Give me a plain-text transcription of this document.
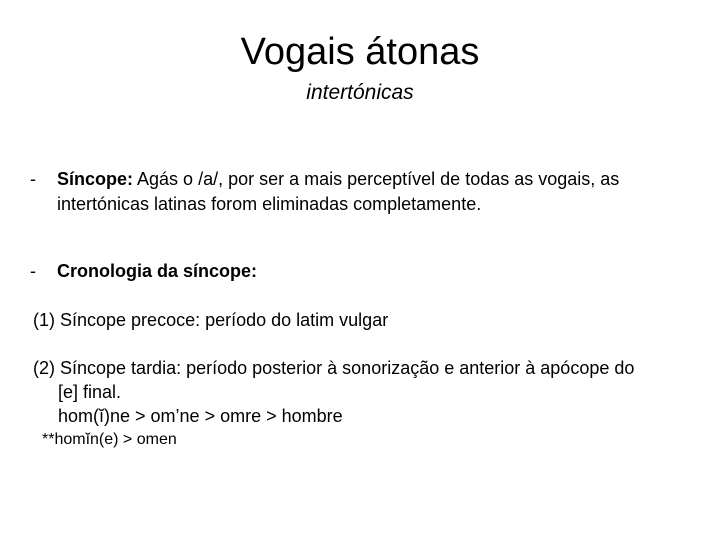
Vogais átonas
intertónicas
- Síncope: Agás o /a/, por ser a mais perceptível de todas as vogais, as
intertónicas latinas forom eliminadas completamente.
- Cronologia da síncope:
(1) Síncope precoce: período do latim vulgar
(2) Síncope tardia: período posterior à sonorização e anterior à apócope do
[e] final.
hom(ĭ)ne > om’ne > omre > hombre
**homĭn(e) > omen
